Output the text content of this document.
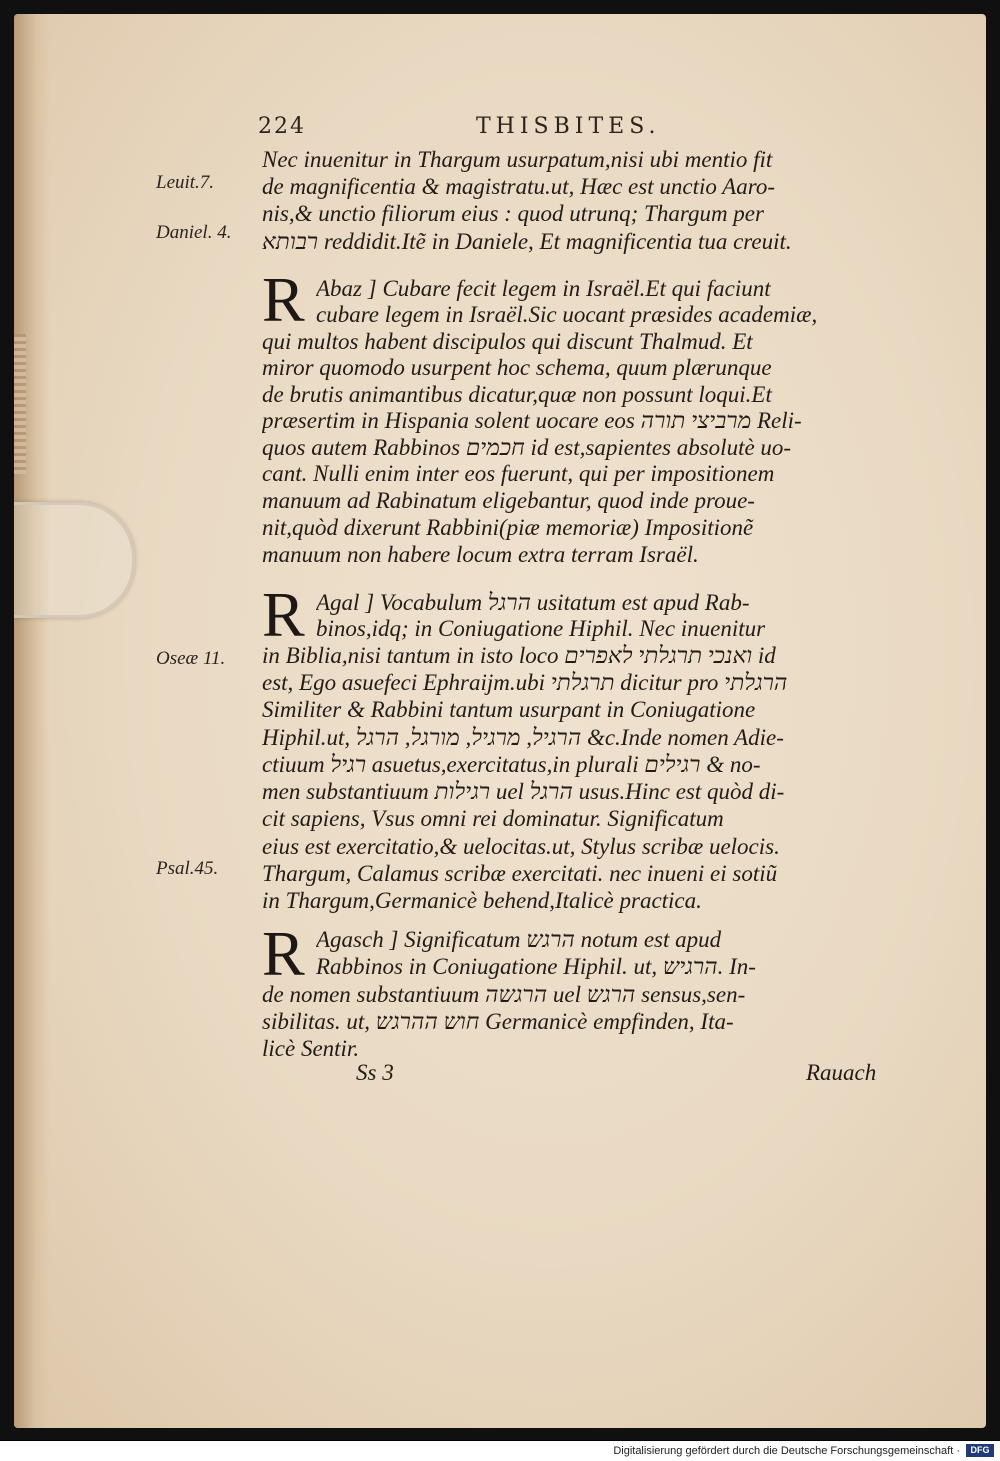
224	THISBITES.
Leuit.7.
Daniel. 4.
Oseæ 11.
Psal.45.
R
R
R
Nec inuenitur in Thargum usurpatum,nisi ubi mentio fit
de magnificentia & magistratu.ut, Hæc est unctio Aaro-
nis,& unctio filiorum eius : quod utrunq; Thargum per
רבותא reddidit.Itẽ in Daniele, Et magnificentia tua creuit.
Abaz ] Cubare fecit legem in Israël.Et qui faciunt
cubare legem in Israël.Sic uocant præsides academiæ,
qui multos habent discipulos qui discunt Thalmud. Et
miror quomodo usurpent hoc schema, quum plærunque
de brutis animantibus dicatur,quæ non possunt loqui.Et
præsertim in Hispania solent uocare eos מרביצי תורה Reli-
quos autem Rabbinos חכמים id est,sapientes absolutè uo-
cant. Nulli enim inter eos fuerunt, qui per impositionem
manuum ad Rabinatum eligebantur, quod inde proue-
nit,quòd dixerunt Rabbini(piæ memoriæ) Impositionẽ
manuum non habere locum extra terram Israël.
Agal ] Vocabulum הרגל usitatum est apud Rab-
binos,idq; in Coniugatione Hiphil. Nec inuenitur
in Biblia,nisi tantum in isto loco ואנכי תרגלתי לאפרים id
est, Ego asuefeci Ephraijm.ubi תרגלתי dicitur pro הרגלתי
Similiter & Rabbini tantum usurpant in Coniugatione
Hiphil.ut, הרגיל, מרגיל, מורגל, הרגל &c.Inde nomen Adie-
ctiuum רגיל asuetus,exercitatus,in plurali רגילים & no-
men substantiuum רגילות uel הרגל usus.Hinc est quòd di-
cit sapiens, Vsus omni rei dominatur. Significatum
eius est exercitatio,& uelocitas.ut, Stylus scribæ uelocis.
Thargum, Calamus scribæ exercitati. nec inueni ei sotiũ
in Thargum,Germanicè behend,Italicè practica.
Agasch ] Significatum הרגש notum est apud
Rabbinos in Coniugatione Hiphil. ut, הרגיש. In-
de nomen substantiuum הרגשה uel הרגש sensus,sen-
sibilitas. ut, חוש ההרגש Germanicè empfinden, Ita-
licè Sentir.
Ss 3	Rauach
Digitalisierung gefördert durch die Deutsche Forschungsgemeinschaft ·	DFG
